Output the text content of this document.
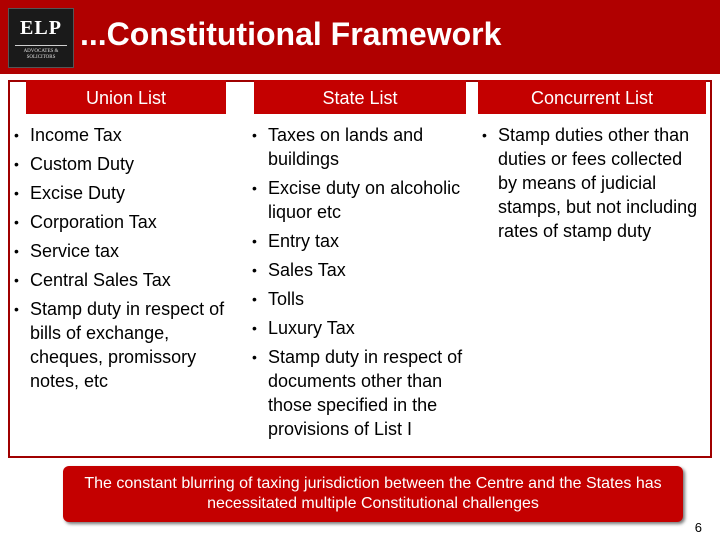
ELP
ADVOCATES & SOLICITORS
...Constitutional Framework
Union List	State List	Concurrent List
• Income Tax
• Custom Duty
• Excise Duty
• Corporation Tax
• Service tax
• Central Sales Tax
• Stamp duty in respect of bills of exchange, cheques, promissory notes, etc
• Taxes on lands and buildings
• Excise duty on alcoholic liquor etc
• Entry tax
• Sales Tax
• Tolls
• Luxury Tax
• Stamp duty in respect of documents other than those specified in the provisions of List I
• Stamp duties other than duties or fees collected by means of judicial stamps, but not including rates of stamp duty
The constant blurring of taxing jurisdiction between the Centre and the States has necessitated multiple Constitutional challenges
6
